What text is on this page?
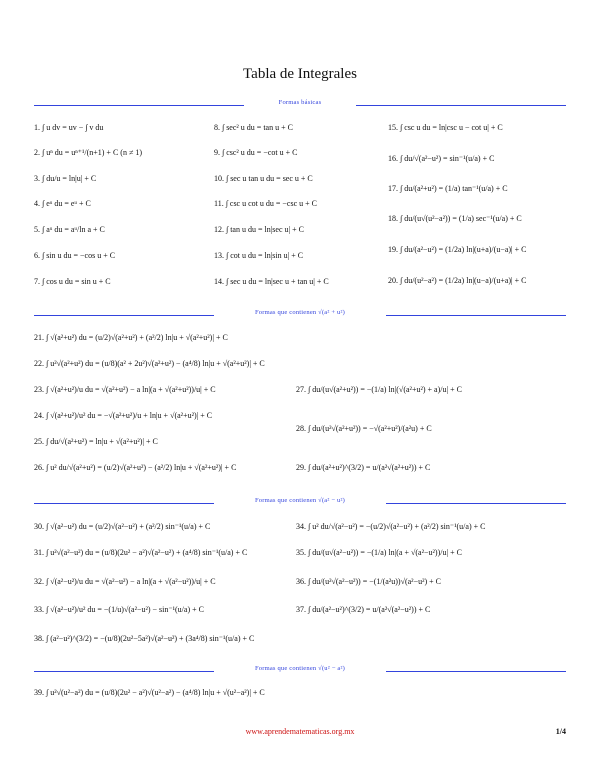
Tabla de Integrales
Formas básicas
1. ∫ u dv = uv − ∫ v du
2. ∫ uⁿ du = uⁿ⁺¹/(n+1) + C (n ≠ 1)
3. ∫ du/u = ln|u| + C
4. ∫ eᵘ du = eᵘ + C
5. ∫ aᵘ du = aᵘ/ln a + C
6. ∫ sin u du = −cos u + C
7. ∫ cos u du = sin u + C
8. ∫ sec² u du = tan u + C
9. ∫ csc² u du = −cot u + C
10. ∫ sec u tan u du = sec u + C
11. ∫ csc u cot u du = −csc u + C
12. ∫ tan u du = ln|sec u| + C
13. ∫ cot u du = ln|sin u| + C
14. ∫ sec u du = ln|sec u + tan u| + C
15. ∫ csc u du = ln|csc u − cot u| + C
16. ∫ du/√(a²−u²) = sin⁻¹(u/a) + C
17. ∫ du/(a²+u²) = (1/a) tan⁻¹(u/a) + C
18. ∫ du/(u√(u²−a²)) = (1/a) sec⁻¹(u/a) + C
19. ∫ du/(a²−u²) = (1/2a) ln|(u+a)/(u−a)| + C
20. ∫ du/(u²−a²) = (1/2a) ln|(u−a)/(u+a)| + C
Formas que contienen √(a² + u²)
21. ∫ √(a²+u²) du = (u/2)√(a²+u²) + (a²/2) ln|u + √(a²+u²)| + C
22. ∫ u²√(a²+u²) du = (u/8)(a² + 2u²)√(a²+u²) − (a⁴/8) ln|u + √(a²+u²)| + C
23. ∫ √(a²+u²)/u du = √(a²+u²) − a ln|(a + √(a²+u²))/u| + C
24. ∫ √(a²+u²)/u² du = −√(a²+u²)/u + ln|u + √(a²+u²)| + C
25. ∫ du/√(a²+u²) = ln|u + √(a²+u²)| + C
26. ∫ u² du/√(a²+u²) = (u/2)√(a²+u²) − (a²/2) ln|u + √(a²+u²)| + C
27. ∫ du/(u√(a²+u²)) = −(1/a) ln|(√(a²+u²) + a)/u| + C
28. ∫ du/(u²√(a²+u²)) = −√(a²+u²)/(a²u) + C
29. ∫ du/(a²+u²)^(3/2) = u/(a²√(a²+u²)) + C
Formas que contienen √(a² − u²)
30. ∫ √(a²−u²) du = (u/2)√(a²−u²) + (a²/2) sin⁻¹(u/a) + C
31. ∫ u²√(a²−u²) du = (u/8)(2u² − a²)√(a²−u²) + (a⁴/8) sin⁻¹(u/a) + C
32. ∫ √(a²−u²)/u du = √(a²−u²) − a ln|(a + √(a²−u²))/u| + C
33. ∫ √(a²−u²)/u² du = −(1/u)√(a²−u²) − sin⁻¹(u/a) + C
34. ∫ u² du/√(a²−u²) = −(u/2)√(a²−u²) + (a²/2) sin⁻¹(u/a) + C
35. ∫ du/(u√(a²−u²)) = −(1/a) ln|(a + √(a²−u²))/u| + C
36. ∫ du/(u²√(a²−u²)) = −(1/(a²u))√(a²−u²) + C
37. ∫ du/(a²−u²)^(3/2) = u/(a²√(a²−u²)) + C
38. ∫ (a²−u²)^(3/2) = −(u/8)(2u²−5a²)√(a²−u²) + (3a⁴/8) sin⁻¹(u/a) + C
Formas que contienen √(u² − a²)
39. ∫ u²√(u²−a²) du = (u/8)(2u² − a²)√(u²−a²) − (a⁴/8) ln|u + √(u²−a²)| + C
www.aprendematematicas.org.mx	1/4
